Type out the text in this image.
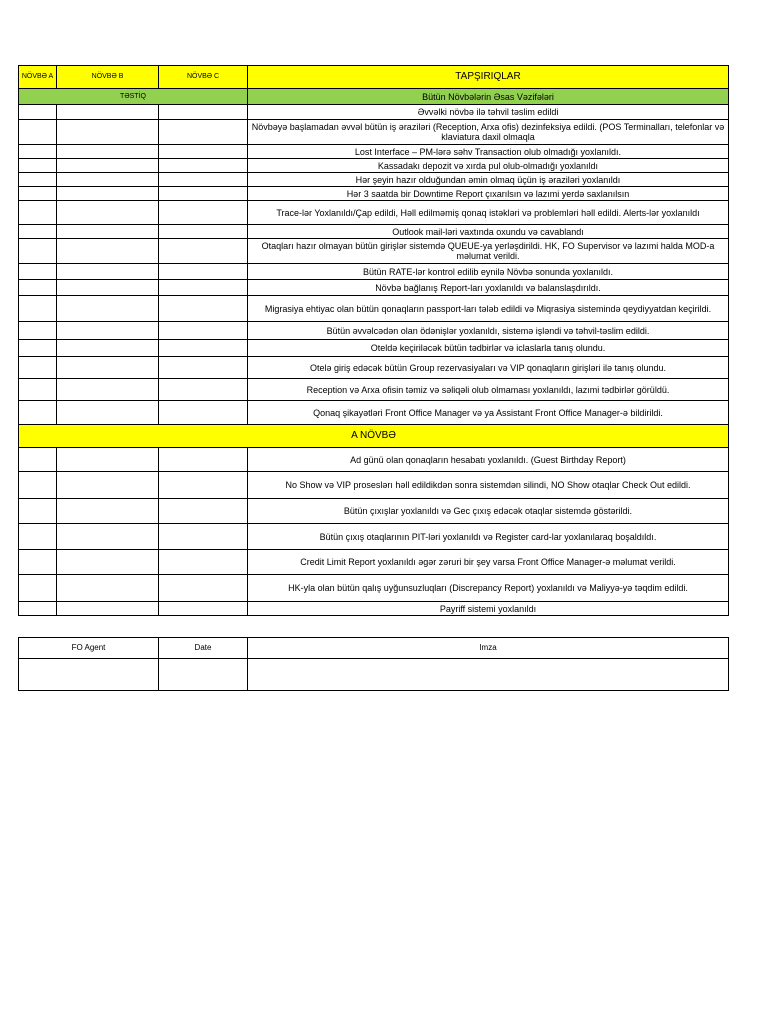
NÖVBƏ A	NÖVBƏ B	NÖVBƏ C	TAPŞIRIQLAR
TƏSTİQ			Bütün Növbələrin Əsas Vəzifələri
			Əvvəlki növbə ilə təhvil təslim edildi
			Növbəyə başlamadan əvvəl bütün iş əraziləri (Reception, Arxa ofis) dezinfeksiya edildi. (POS Terminalları, telefonlar və klaviatura daxil olmaqla
			Lost Interface – PM-lərə səhv Transaction olub olmadığı yoxlanıldı.
			Kassadakı depozit və xırda pul olub-olmadığı yoxlanıldı
			Hər şeyin hazır olduğundan əmin olmaq üçün iş əraziləri yoxlanıldı
			Hər 3 saatda bir Downtime Report çıxarılsın və lazımi yerdə saxlanılsın
			Trace-lər Yoxlanıldı/Çap edildi, Həll edilməmiş qonaq istəkləri və problemləri həll edildi. Alerts-lər yoxlanıldı
			Outlook mail-ləri vaxtında oxundu və cavablandı
			Otaqları hazır olmayan bütün girişlər sistemdə QUEUE-ya yerləşdirildi. HK, FO Supervisor və lazımi halda MOD-a məlumat verildi.
			Bütün RATE-lər kontrol edilib eynilə Növbə sonunda yoxlanıldı.
			Növbə bağlanış Report-ları yoxlanıldı və balanslaşdırıldı.
			Migrasiya ehtiyac olan bütün qonaqların passport-ları tələb edildi və Miqrasiya sistemində qeydiyyatdan keçirildi.
			Bütün əvvəlcədən olan ödənişlər yoxlanıldı, sistemə işləndi və təhvil-təslim edildi.
			Oteldə keçiriləcək bütün tədbirlər və iclaslarla tanış olundu.
			Otelə giriş edəcək bütün Group rezervasiyaları və VIP qonaqların girişləri ilə tanış olundu.
			Reception və Arxa ofisin təmiz və səliqəli olub olmaması yoxlanıldı, lazımi tədbirlər görüldü.
			Qonaq şikayətləri Front Office Manager və ya Assistant Front Office Manager-ə bildirildi.
A NÖVBƏ			
			Ad günü olan qonaqların hesabatı yoxlanıldı. (Guest Birthday Report)
			No Show və VIP proseslərı həll edildikdən sonra sistemdən silindi, NO Show otaqlar Check Out edildi.
			Bütün çıxışlar yoxlanıldı və Gec çıxış edəcək otaqlar sistemdə göstərildi.
			Bütün çıxış otaqlarının PIT-ləri yoxlanıldı və Register card-lar yoxlanılaraq boşaldıldı.
			Credit Limit Report yoxlanıldı əgər zəruri bir şey varsa Front Office Manager-ə məlumat verildi.
			HK-yla olan bütün qalış uyğunsuzluqları (Discrepancy Report) yoxlanıldı və Maliyyə-yə təqdim edildi.
			Payriff sistemi yoxlanıldı
FO Agent	Date	Imza
